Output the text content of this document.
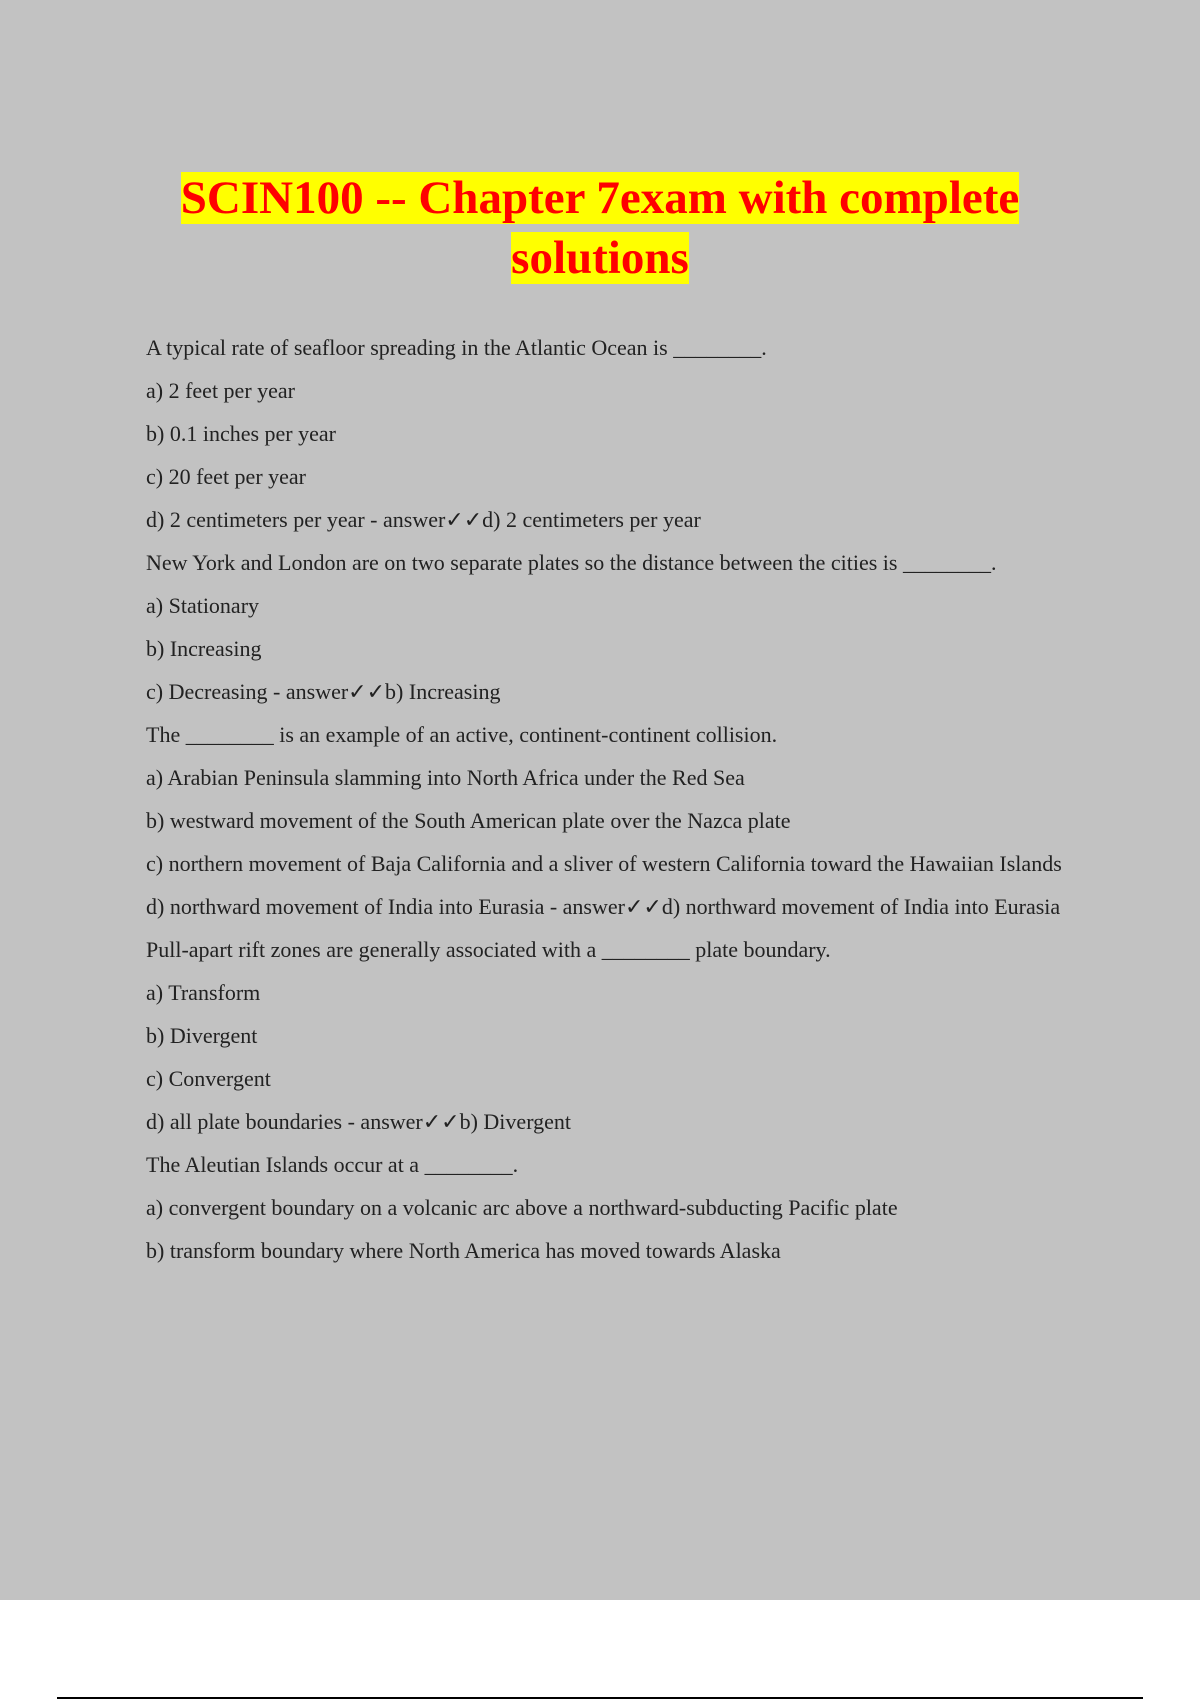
SCIN100 -- Chapter 7exam with complete
solutions

A typical rate of seafloor spreading in the Atlantic Ocean is ________.

a) 2 feet per year

b) 0.1 inches per year

c) 20 feet per year

d) 2 centimeters per year - answer✓✓d) 2 centimeters per year

New York and London are on two separate plates so the distance between the cities is ________.

a) Stationary

b) Increasing

c) Decreasing - answer✓✓b) Increasing

The ________ is an example of an active, continent-continent collision.

a) Arabian Peninsula slamming into North Africa under the Red Sea

b) westward movement of the South American plate over the Nazca plate

c) northern movement of Baja California and a sliver of western California toward the Hawaiian Islands

d) northward movement of India into Eurasia - answer✓✓d) northward movement of India into Eurasia

Pull-apart rift zones are generally associated with a ________ plate boundary.

a) Transform

b) Divergent

c) Convergent

d) all plate boundaries - answer✓✓b) Divergent

The Aleutian Islands occur at a ________.

a) convergent boundary on a volcanic arc above a northward-subducting Pacific plate

b) transform boundary where North America has moved towards Alaska
